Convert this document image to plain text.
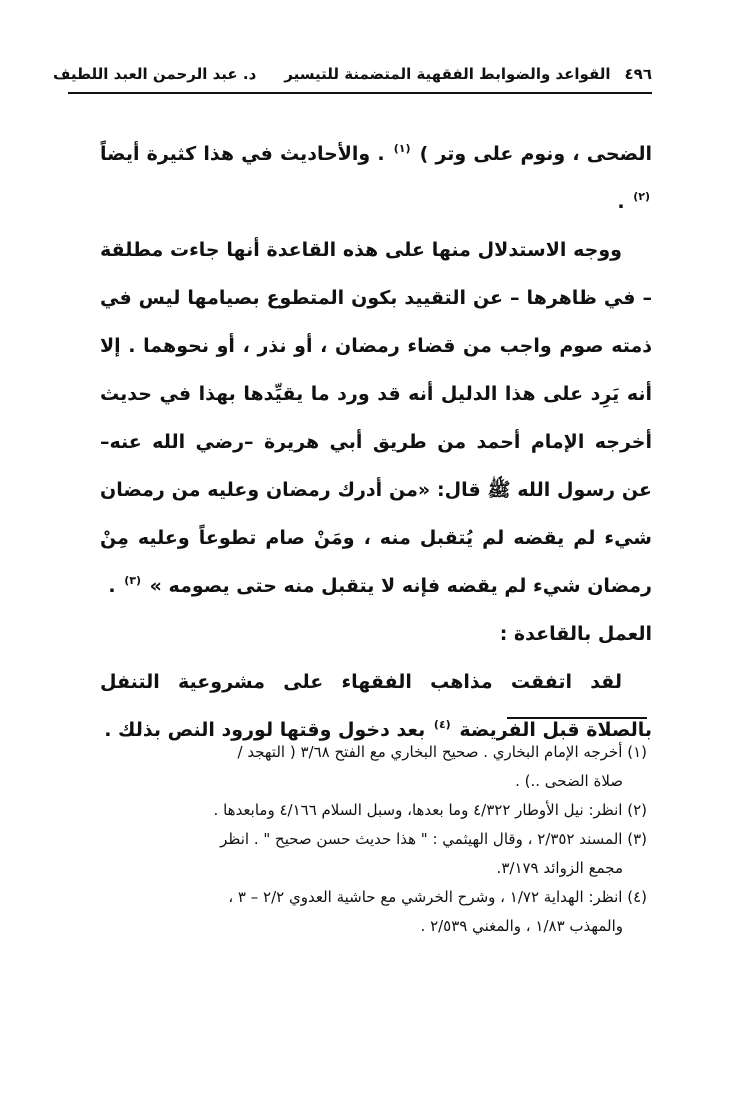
٤٩٦
القواعد والضوابط الفقهية المتضمنة للتيسير
د. عبد الرحمن العبد اللطيف

الضحى ، ونوم على وتر ) $^{(١)}$ . والأحاديث في هذا كثيرة أيضاً $^{(٢)}$ .

ووجه الاستدلال منها على هذه القاعدة أنها جاءت مطلقة – في ظاهرها – عن التقييد بكون المتطوع بصيامها ليس في ذمته صوم واجب من قضاء رمضان ، أو نذر ، أو نحوهما . إلا أنه يَرِد على هذا الدليل أنه قد ورد ما يقيِّدها بهذا في حديث أخرجه الإمام أحمد من طريق أبي هريرة –رضي الله عنه– عن رسول الله ﷺ قال: «من أدرك رمضان وعليه من رمضان شيء لم يقضه لم يُتقبل منه ، ومَنْ صام تطوعاً وعليه مِنْ رمضان شيء لم يقضه فإنه لا يتقبل منه حتى يصومه » $^{(٣)}$ .

العمل بالقاعدة :

لقد اتفقت مذاهب الفقهاء على مشروعية التنفل بالصلاة قبل الفريضة $^{(٤)}$ بعد دخول وقتها لورود النص بذلك .

(١) أخرجه الإمام البخاري . صحيح البخاري مع الفتح ٣/٦٨ ( التهجد /
صلاة الضحى ..) .
(٢) انظر: نيل الأوطار ٤/٣٢٢ وما بعدها، وسبل السلام ٤/١٦٦ ومابعدها .
(٣) المسند ٢/٣٥٢ ، وقال الهيثمي : " هذا حديث حسن صحيح " . انظر
مجمع الزوائد ٣/١٧٩.
(٤) انظر: الهداية ١/٧٢ ، وشرح الخرشي مع حاشية العدوي ٢/٢ – ٣ ،
والمهذب ١/٨٣ ، والمغني ٢/٥٣٩ .
